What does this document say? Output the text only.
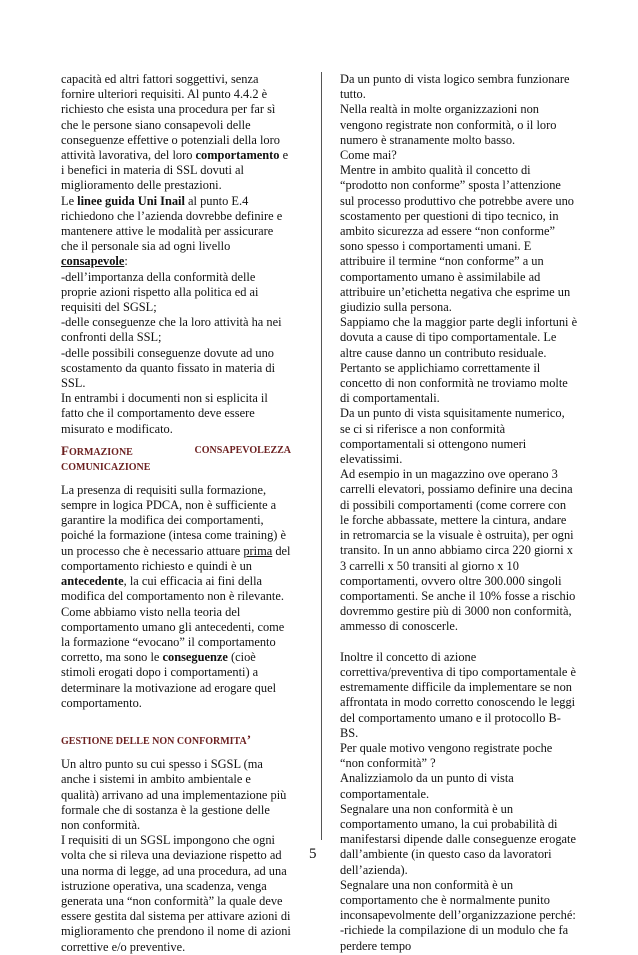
capacità ed altri fattori soggettivi, senza fornire ulteriori requisiti. Al punto 4.4.2 è richiesto che esista una procedura per far sì che le persone siano consapevoli delle conseguenze effettive o potenziali della loro attività lavorativa, del loro comportamento e i benefici in materia di SSL dovuti al miglioramento delle prestazioni.

Le linee guida Uni Inail al punto E.4 richiedono che l’azienda dovrebbe definire e mantenere attive le modalità per assicurare che il personale sia ad ogni livello consapevole:

-dell’importanza della conformità delle proprie azioni rispetto alla politica ed ai requisiti del SGSL;

-delle conseguenze che la loro attività ha nei confronti della SSL;

-delle possibili conseguenze dovute ad uno scostamento da quanto fissato in materia di SSL.

In entrambi i documenti non si esplicita il fatto che il comportamento deve essere misurato e modificato.

FORMAZIONE	CONSAPEVOLEZZA
COMUNICAZIONE

La presenza di requisiti sulla formazione, sempre in logica PDCA, non è sufficiente a garantire la modifica dei comportamenti, poiché la formazione (intesa come training) è un processo che è necessario attuare prima del comportamento richiesto e quindi è un antecedente, la cui efficacia ai fini della modifica del comportamento non è rilevante.

Come abbiamo visto nella teoria del comportamento umano gli antecedenti, come la formazione “evocano” il comportamento corretto, ma sono le conseguenze (cioè stimoli erogati dopo i comportamenti) a determinare la motivazione ad erogare quel comportamento.

GESTIONE DELLE NON CONFORMITA’

Un altro punto su cui spesso i SGSL (ma anche i sistemi in ambito ambientale e qualità) arrivano ad una implementazione più formale che di sostanza è la gestione delle non conformità.

I requisiti di un SGSL impongono che ogni volta che si rileva una deviazione rispetto ad una norma di legge, ad una procedura, ad una istruzione operativa, una scadenza, venga generata una “non conformità” la quale deve essere gestita dal sistema per attivare azioni di miglioramento che prendono il nome di azioni correttive e/o preventive.

Da un punto di vista logico sembra funzionare tutto.

Nella realtà in molte organizzazioni non vengono registrate non conformità, o il loro numero è stranamente molto basso.

Come mai?

Mentre in ambito qualità il concetto di “prodotto non conforme” sposta l’attenzione sul processo produttivo che potrebbe avere uno scostamento per questioni di tipo tecnico, in ambito sicurezza ad essere “non conforme” sono spesso i comportamenti umani. E attribuire il termine “non conforme” a un comportamento umano è assimilabile ad attribuire un’etichetta negativa che esprime un giudizio sulla persona.

Sappiamo che la maggior parte degli infortuni è dovuta a cause di tipo comportamentale. Le altre cause danno un contributo residuale.

Pertanto se applichiamo correttamente il concetto di non conformità ne troviamo molte di comportamentali.

Da un punto di vista squisitamente numerico, se ci si riferisce a non conformità comportamentali si ottengono numeri elevatissimi.

Ad esempio in un magazzino ove operano 3 carrelli elevatori, possiamo definire una decina di possibili comportamenti (come correre con le forche abbassate, mettere la cintura, andare in retromarcia se la visuale è ostruita), per ogni transito. In un anno abbiamo circa 220 giorni x 3 carrelli x 50 transiti al giorno x 10 comportamenti, ovvero oltre 300.000 singoli comportamenti. Se anche il 10% fosse a rischio dovremmo gestire più di 3000 non conformità, ammesso di conoscerle.

Inoltre il concetto di azione correttiva/preventiva di tipo comportamentale è estremamente difficile da implementare se non affrontata in modo corretto conoscendo le leggi del comportamento umano e il protocollo B-BS.

Per quale motivo vengono registrate poche “non conformità” ?

Analizziamolo da un punto di vista comportamentale.

Segnalare una non conformità è un comportamento umano, la cui probabilità di manifestarsi dipende dalle conseguenze erogate dall’ambiente (in questo caso da lavoratori dell’azienda).

Segnalare una non conformità è un comportamento che è normalmente punito inconsapevolmente dell’organizzazione perché:

-richiede la compilazione di un modulo che fa perdere tempo

5
